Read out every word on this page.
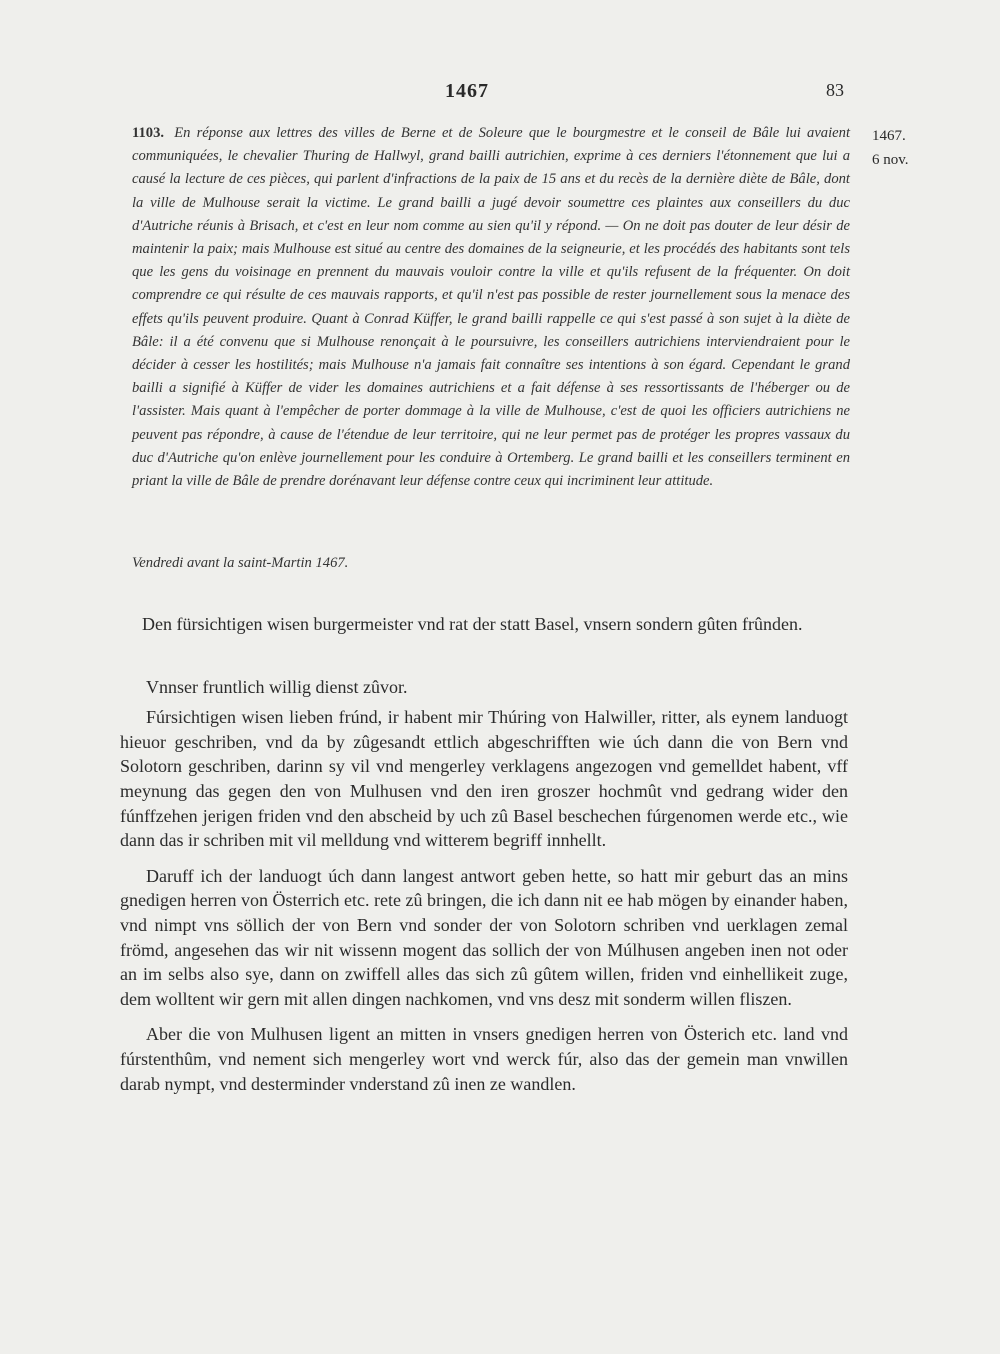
1467	83
1467.
6 nov.
1103. En réponse aux lettres des villes de Berne et de Soleure que le bourgmestre et le conseil de Bâle lui avaient communiquées, le chevalier Thuring de Hallwyl, grand bailli autrichien, exprime à ces derniers l'étonnement que lui a causé la lecture de ces pièces, qui parlent d'infractions de la paix de 15 ans et du recès de la dernière diète de Bâle, dont la ville de Mulhouse serait la victime. Le grand bailli a jugé devoir soumettre ces plaintes aux conseillers du duc d'Autriche réunis à Brisach, et c'est en leur nom comme au sien qu'il y répond. — On ne doit pas douter de leur désir de maintenir la paix; mais Mulhouse est situé au centre des domaines de la seigneurie, et les procédés des habitants sont tels que les gens du voisinage en prennent du mauvais vouloir contre la ville et qu'ils refusent de la fréquenter. On doit comprendre ce qui résulte de ces mauvais rapports, et qu'il n'est pas possible de rester journellement sous la menace des effets qu'ils peuvent produire. Quant à Conrad Küffer, le grand bailli rappelle ce qui s'est passé à son sujet à la diète de Bâle: il a été convenu que si Mulhouse renonçait à le poursuivre, les conseillers autrichiens interviendraient pour le décider à cesser les hostilités; mais Mulhouse n'a jamais fait connaître ses intentions à son égard. Cependant le grand bailli a signifié à Küffer de vider les domaines autrichiens et a fait défense à ses ressortissants de l'héberger ou de l'assister. Mais quant à l'empêcher de porter dommage à la ville de Mulhouse, c'est de quoi les officiers autrichiens ne peuvent pas répondre, à cause de l'étendue de leur territoire, qui ne leur permet pas de protéger les propres vassaux du duc d'Autriche qu'on enlève journellement pour les conduire à Ortemberg. Le grand bailli et les conseillers terminent en priant la ville de Bâle de prendre dorénavant leur défense contre ceux qui incriminent leur attitude.
Vendredi avant la saint-Martin 1467.

Den fürsichtigen wisen burgermeister vnd rat der statt Basel, vnsern sondern gûten frûnden.

Vnnser fruntlich willig dienst zûvor.

Fúrsichtigen wisen lieben frúnd, ir habent mir Thúring von Halwiller, ritter, als eynem landuogt hieuor geschriben, vnd da by zûgesandt ettlich abgeschrifften wie úch dann die von Bern vnd Solotorn geschriben, darinn sy vil vnd mengerley verklagens angezogen vnd gemelldet habent, vff meynung das gegen den von Mulhusen vnd den iren groszer hochmût vnd gedrang wider den fúnffzehen jerigen friden vnd den abscheid by uch zû Basel beschechen fúrgenomen werde etc., wie dann das ir schriben mit vil melldung vnd witterem begriff innhellt.

Daruff ich der landuogt úch dann langest antwort geben hette, so hatt mir geburt das an mins gnedigen herren von Österrich etc. rete zû bringen, die ich dann nit ee hab mögen by einander haben, vnd nimpt vns söllich der von Bern vnd sonder der von Solotorn schriben vnd uerklagen zemal frömd, angesehen das wir nit wissenn mogent das sollich der von Múlhusen angeben inen not oder an im selbs also sye, dann on zwiffell alles das sich zû gûtem willen, friden vnd einhellikeit zuge, dem wolltent wir gern mit allen dingen nachkomen, vnd vns desz mit sonderm willen fliszen.

Aber die von Mulhusen ligent an mitten in vnsers gnedigen herren von Österich etc. land vnd fúrstenthûm, vnd nement sich mengerley wort vnd werck fúr, also das der gemein man vnwillen darab nympt, vnd desterminder vnderstand zû inen ze wandlen.
